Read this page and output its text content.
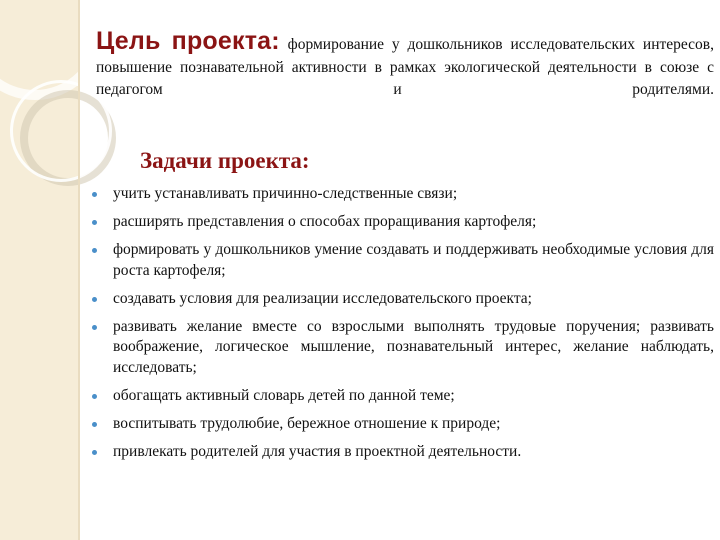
Цель проекта: формирование у дошкольников исследовательских интересов, повышение познавательной активности в рамках экологической деятельности в союзе с педагогом и родителями.

Задачи проекта:
учить устанавливать причинно-следственные связи;
расширять представления о способах проращивания картофеля;
формировать у дошкольников умение создавать и поддерживать необходимые условия для роста картофеля;
создавать условия для реализации исследовательского проекта;
развивать желание вместе со взрослыми выполнять трудовые поручения; развивать воображение, логическое мышление, познавательный интерес, желание наблюдать, исследовать;
обогащать активный словарь детей по данной теме;
воспитывать трудолюбие, бережное отношение к природе;
привлекать родителей для участия в проектной деятельности.
